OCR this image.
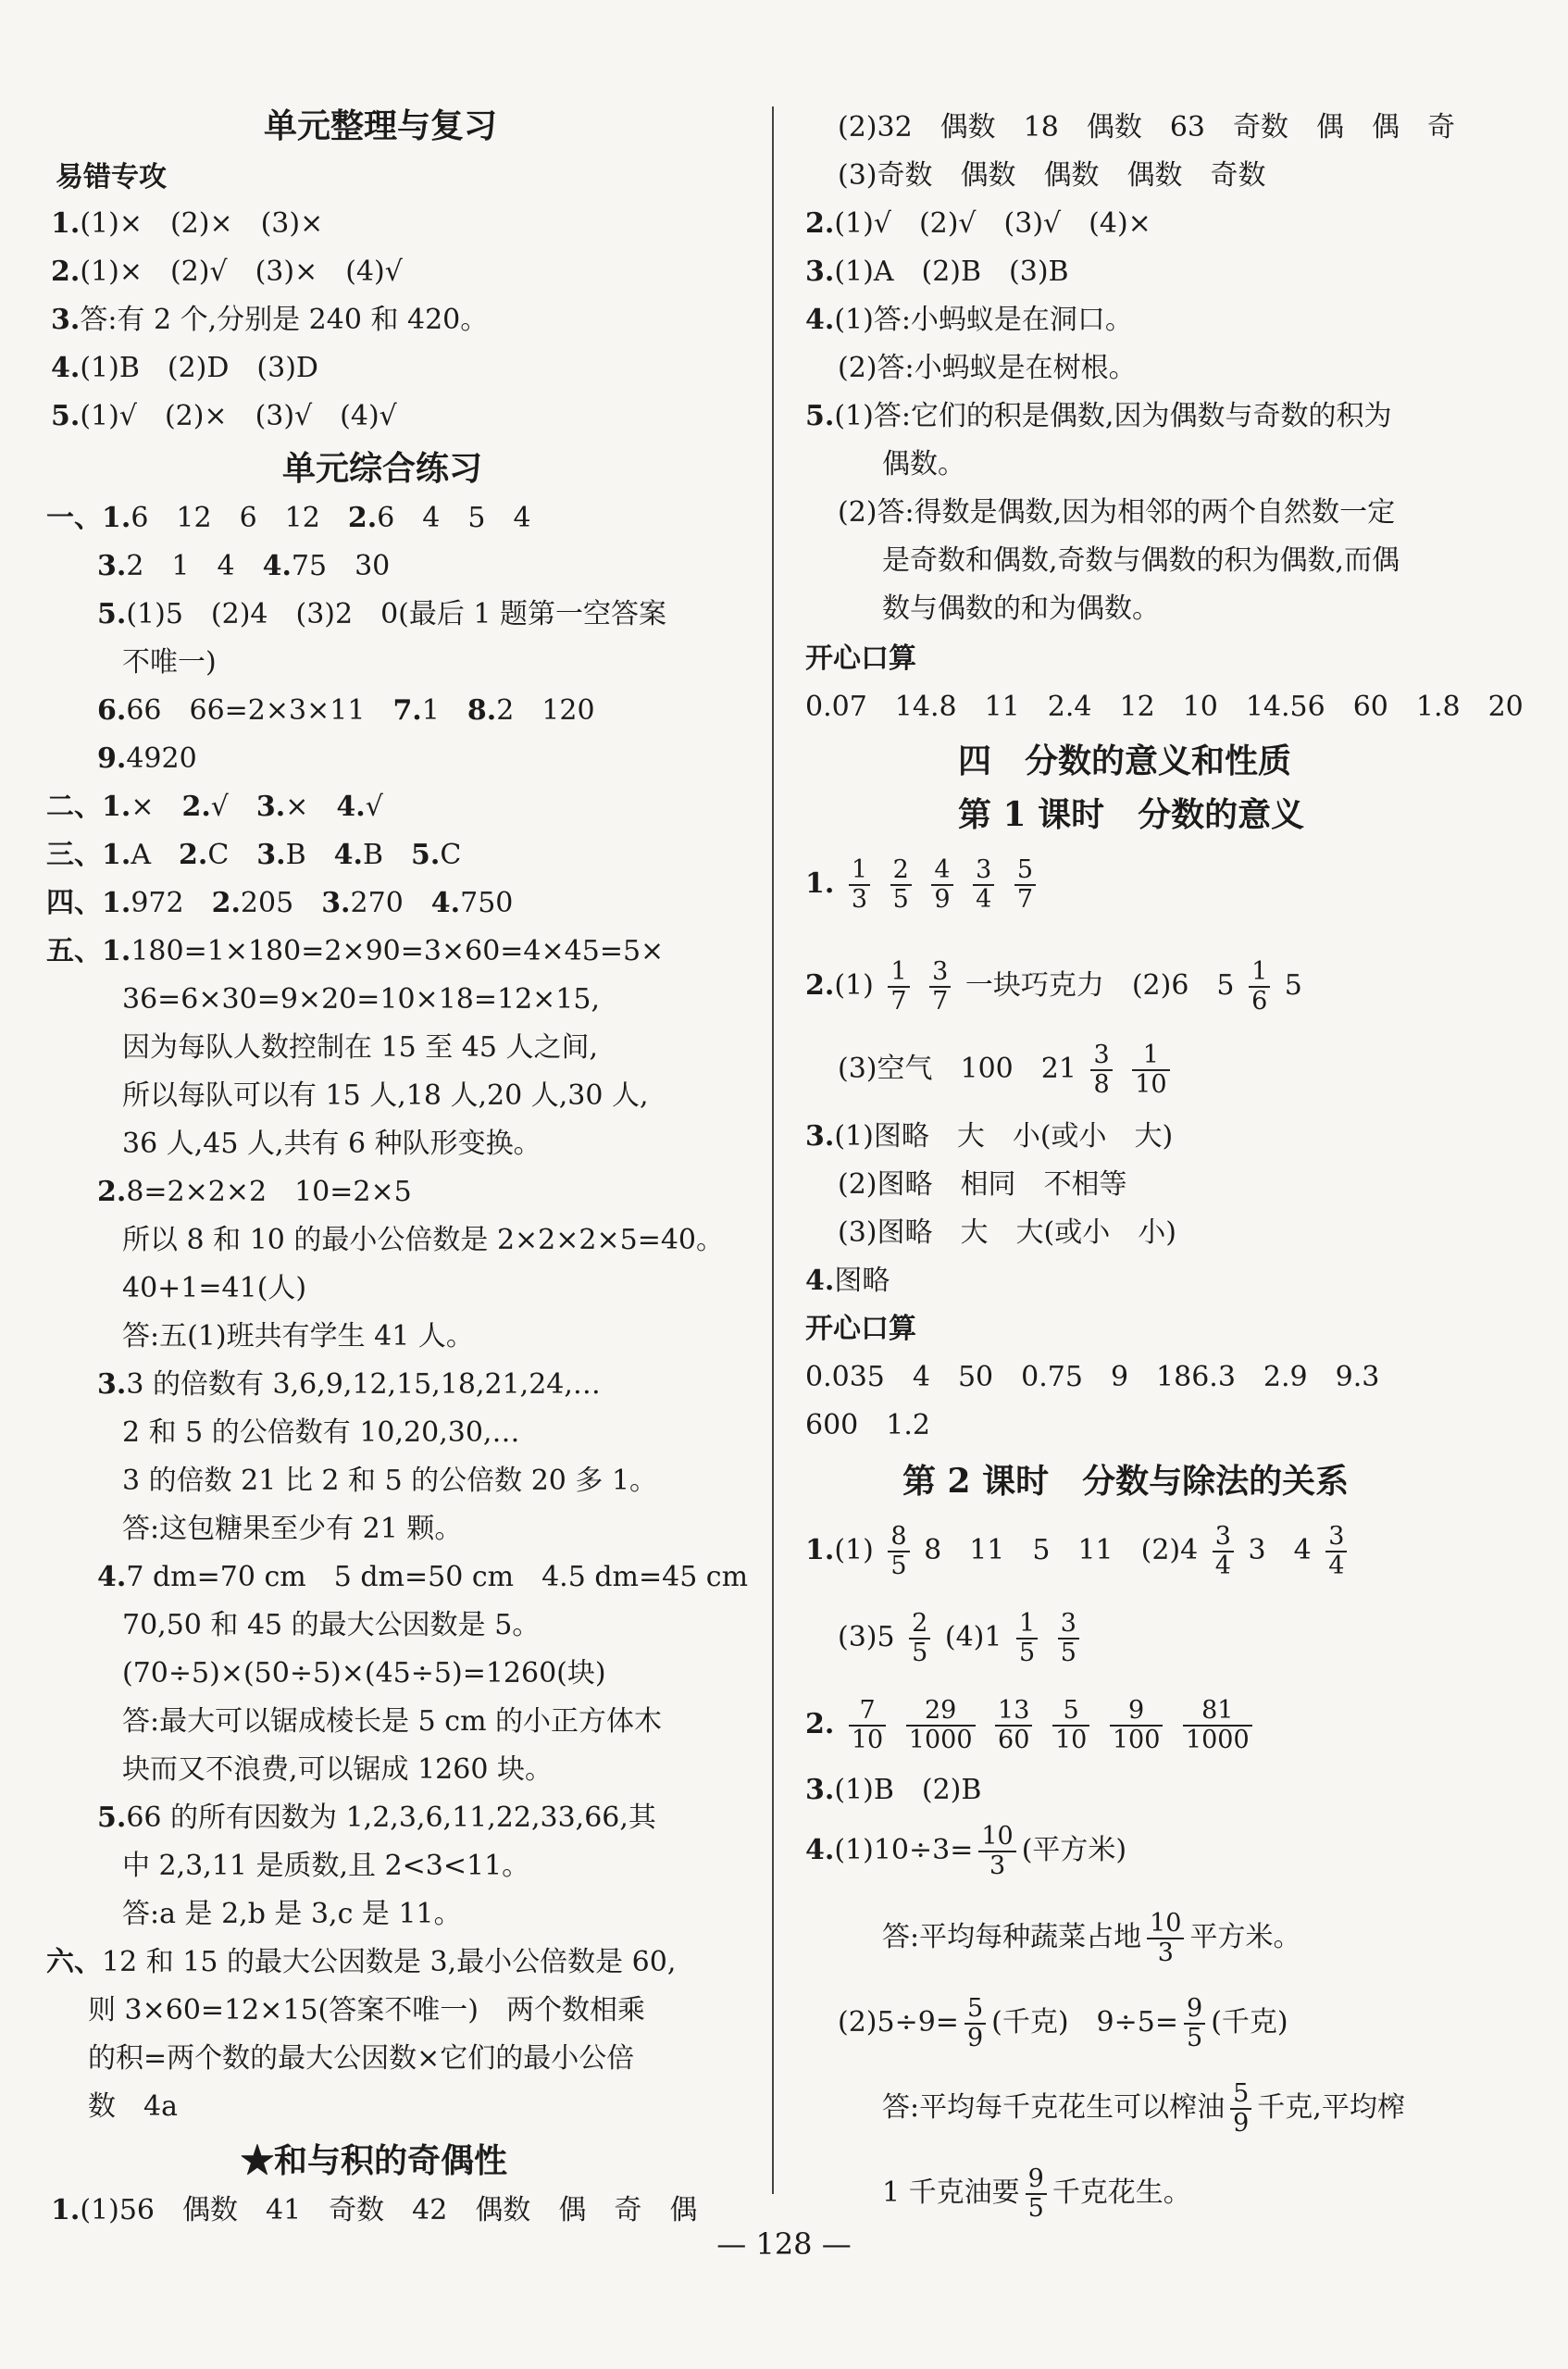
单元整理与复习
易错专攻
1.(1)×　(2)×　(3)×
2.(1)×　(2)√　(3)×　(4)√
3.答:有 2 个,分别是 240 和 420。
4.(1)B　(2)D　(3)D
5.(1)√　(2)×　(3)√　(4)√
单元综合练习
一、1.6　12　6　12　2.6　4　5　4
3.2　1　4　4.75　30
5.(1)5　(2)4　(3)2　0(最后 1 题第一空答案
不唯一)
6.66　66=2×3×11　7.1　8.2　120
9.4920
二、1.×　2.√　3.×　4.√
三、1.A　2.C　3.B　4.B　5.C
四、1.972　2.205　3.270　4.750
五、1.180=1×180=2×90=3×60=4×45=5×
36=6×30=9×20=10×18=12×15,
因为每队人数控制在 15 至 45 人之间,
所以每队可以有 15 人,18 人,20 人,30 人,
36 人,45 人,共有 6 种队形变换。
2.8=2×2×2　10=2×5
所以 8 和 10 的最小公倍数是 2×2×2×5=40。
40+1=41(人)
答:五(1)班共有学生 41 人。
3.3 的倍数有 3,6,9,12,15,18,21,24,…
2 和 5 的公倍数有 10,20,30,…
3 的倍数 21 比 2 和 5 的公倍数 20 多 1。
答:这包糖果至少有 21 颗。
4.7 dm=70 cm　5 dm=50 cm　4.5 dm=45 cm
70,50 和 45 的最大公因数是 5。
(70÷5)×(50÷5)×(45÷5)=1260(块)
答:最大可以锯成棱长是 5 cm 的小正方体木
块而又不浪费,可以锯成 1260 块。
5.66 的所有因数为 1,2,3,6,11,22,33,66,其
中 2,3,11 是质数,且 2<3<11。
答:a 是 2,b 是 3,c 是 11。
六、12 和 15 的最大公因数是 3,最小公倍数是 60,
则 3×60=12×15(答案不唯一)　两个数相乘
的积=两个数的最大公因数×它们的最小公倍
数　4a
★和与积的奇偶性
1.(1)56　偶数　41　奇数　42　偶数　偶　奇　偶
(2)32　偶数　18　偶数　63　奇数　偶　偶　奇
(3)奇数　偶数　偶数　偶数　奇数
2.(1)√　(2)√　(3)√　(4)×
3.(1)A　(2)B　(3)B
4.(1)答:小蚂蚁是在洞口。
(2)答:小蚂蚁是在树根。
5.(1)答:它们的积是偶数,因为偶数与奇数的积为
偶数。
(2)答:得数是偶数,因为相邻的两个自然数一定
是奇数和偶数,奇数与偶数的积为偶数,而偶
数与偶数的和为偶数。
开心口算
0.07　14.8　11　2.4　12　10　14.56　60　1.8　20
四　分数的意义和性质
第 1 课时　分数的意义
1. $\frac{1}{3}$
$\frac{2}{5}$
$\frac{4}{9}$
$\frac{3}{4}$
$\frac{5}{7}$
$2.(1) \frac{1}{7}$
$\frac{3}{7}$ 一块巧克力　(2)6　$5 \frac{1}{6} 5$
(3)空气　100　$21 \frac{3}{8}$
$\frac{1}{10}$
3.(1)图略　大　小(或小　大)
(2)图略　相同　不相等
(3)图略　大　大(或小　小)
4.图略
开心口算
0.035　4　50　0.75　9　186.3　2.9　9.3
600　1.2
第 2 课时　分数与除法的关系
$1.(1) \frac{8}{5} 8$　11　5　11　$(2)4 \frac{3}{4} 3$　$4 \frac{3}{4}$
$(3)5 \frac{2}{5} (4)1 \frac{1}{5}$
$\frac{3}{5}$
2. $\frac{7}{10}$
$\frac{29}{1000}$
$\frac{13}{60}$
$\frac{5}{10}$
$\frac{9}{100}$
$\frac{81}{1000}$
3.(1)B　(2)B
$4.(1)10\div 3= \frac{10}{3}$ (平方米)
答:平均每种蔬菜占地 $\frac{10}{3}$ 平方米。
$(2)5\div 9= \frac{5}{9}$ (千克)　$9\div 5= \frac{9}{5}$ (千克)
答:平均每千克花生可以榨油 $\frac{5}{9}$ 千克,平均榨
1 千克油要 $\frac{9}{5}$ 千克花生。
— 128 —
